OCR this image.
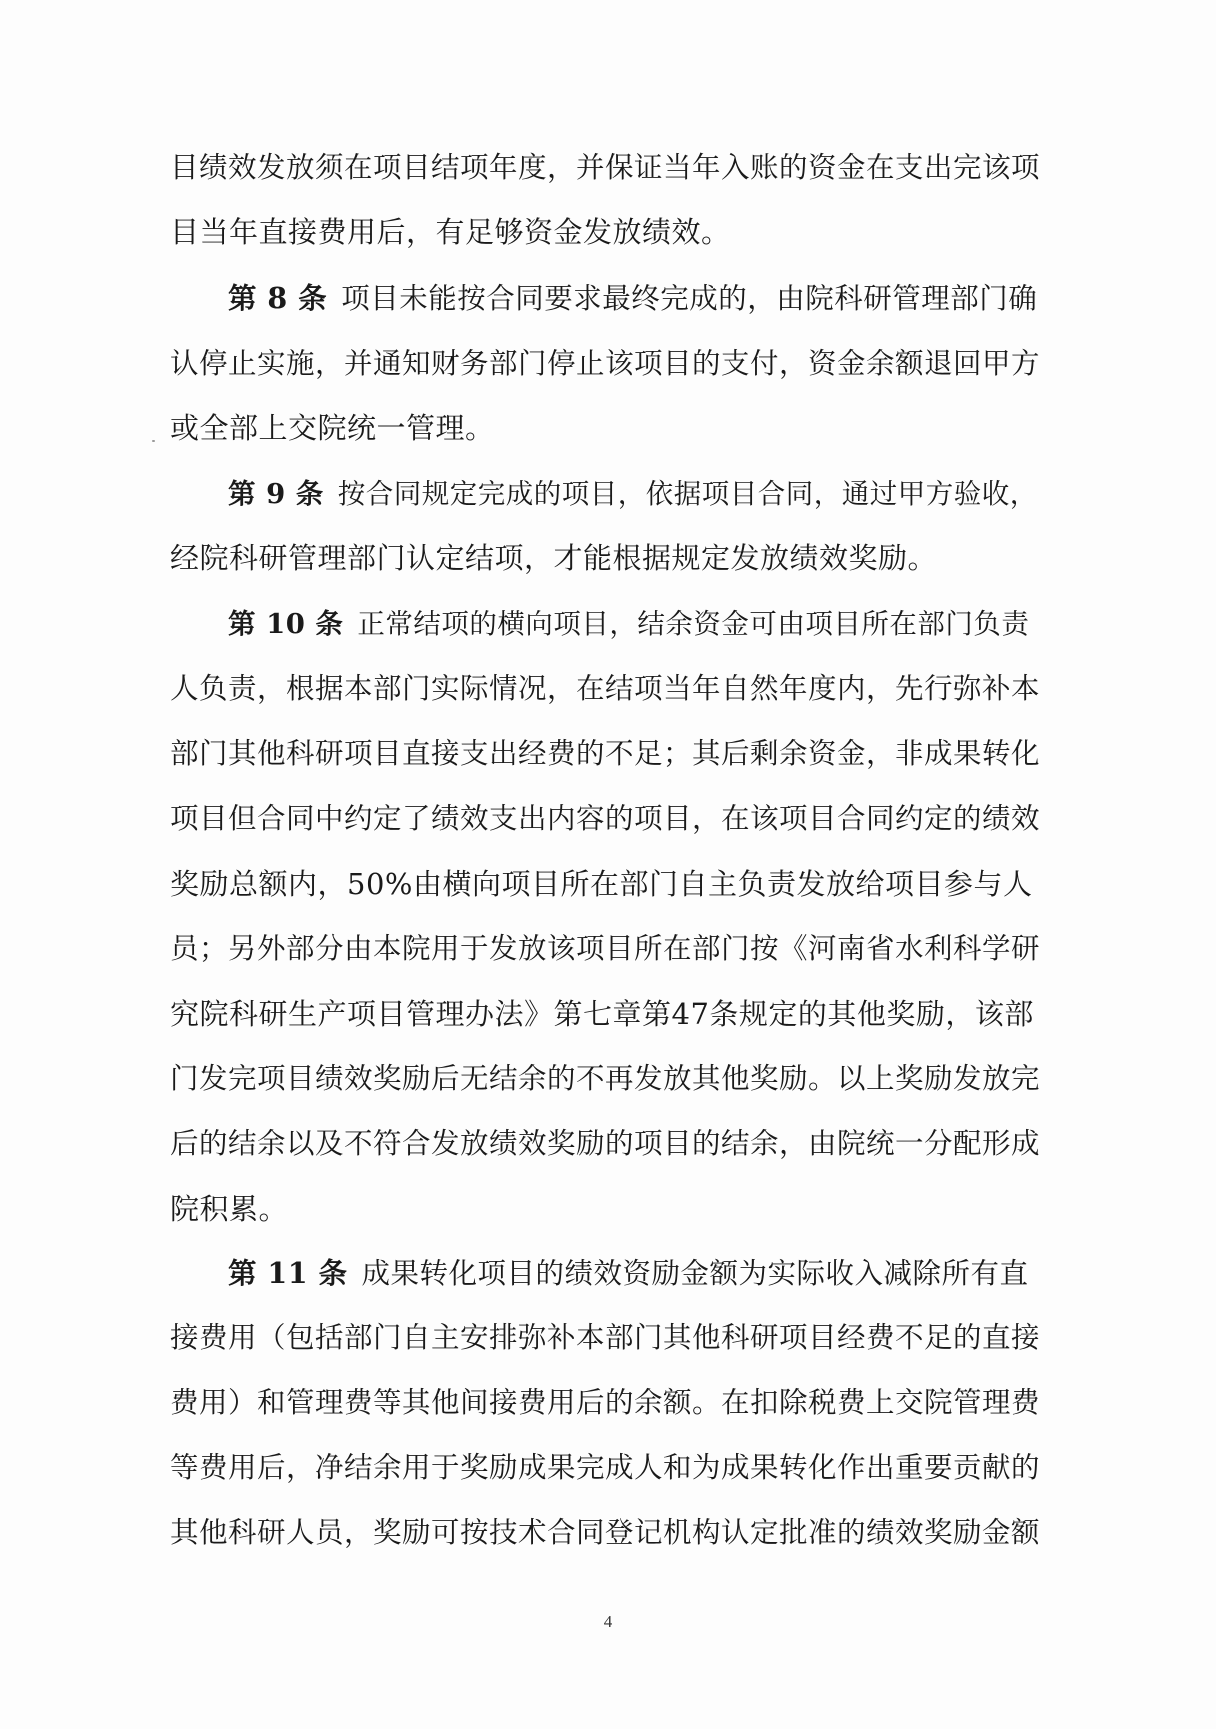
目绩效发放须在项目结项年度，并保证当年入账的资金在支出完该项
目当年直接费用后，有足够资金发放绩效。
第 8 条 项目未能按合同要求最终完成的，由院科研管理部门确
认停止实施，并通知财务部门停止该项目的支付，资金余额退回甲方
或全部上交院统一管理。
第 9 条 按合同规定完成的项目，依据项目合同，通过甲方验收，
经院科研管理部门认定结项，才能根据规定发放绩效奖励。
第 10 条 正常结项的横向项目，结余资金可由项目所在部门负责
人负责，根据本部门实际情况，在结项当年自然年度内，先行弥补本
部门其他科研项目直接支出经费的不足；其后剩余资金，非成果转化
项目但合同中约定了绩效支出内容的项目，在该项目合同约定的绩效
奖励总额内，50%由横向项目所在部门自主负责发放给项目参与人
员；另外部分由本院用于发放该项目所在部门按《河南省水利科学研
究院科研生产项目管理办法》第七章第47条规定的其他奖励，该部
门发完项目绩效奖励后无结余的不再发放其他奖励。以上奖励发放完
后的结余以及不符合发放绩效奖励的项目的结余，由院统一分配形成
院积累。
第 11 条 成果转化项目的绩效资励金额为实际收入减除所有直
接费用（包括部门自主安排弥补本部门其他科研项目经费不足的直接
费用）和管理费等其他间接费用后的余额。在扣除税费上交院管理费
等费用后，净结余用于奖励成果完成人和为成果转化作出重要贡献的
其他科研人员，奖励可按技术合同登记机构认定批准的绩效奖励金额
4
